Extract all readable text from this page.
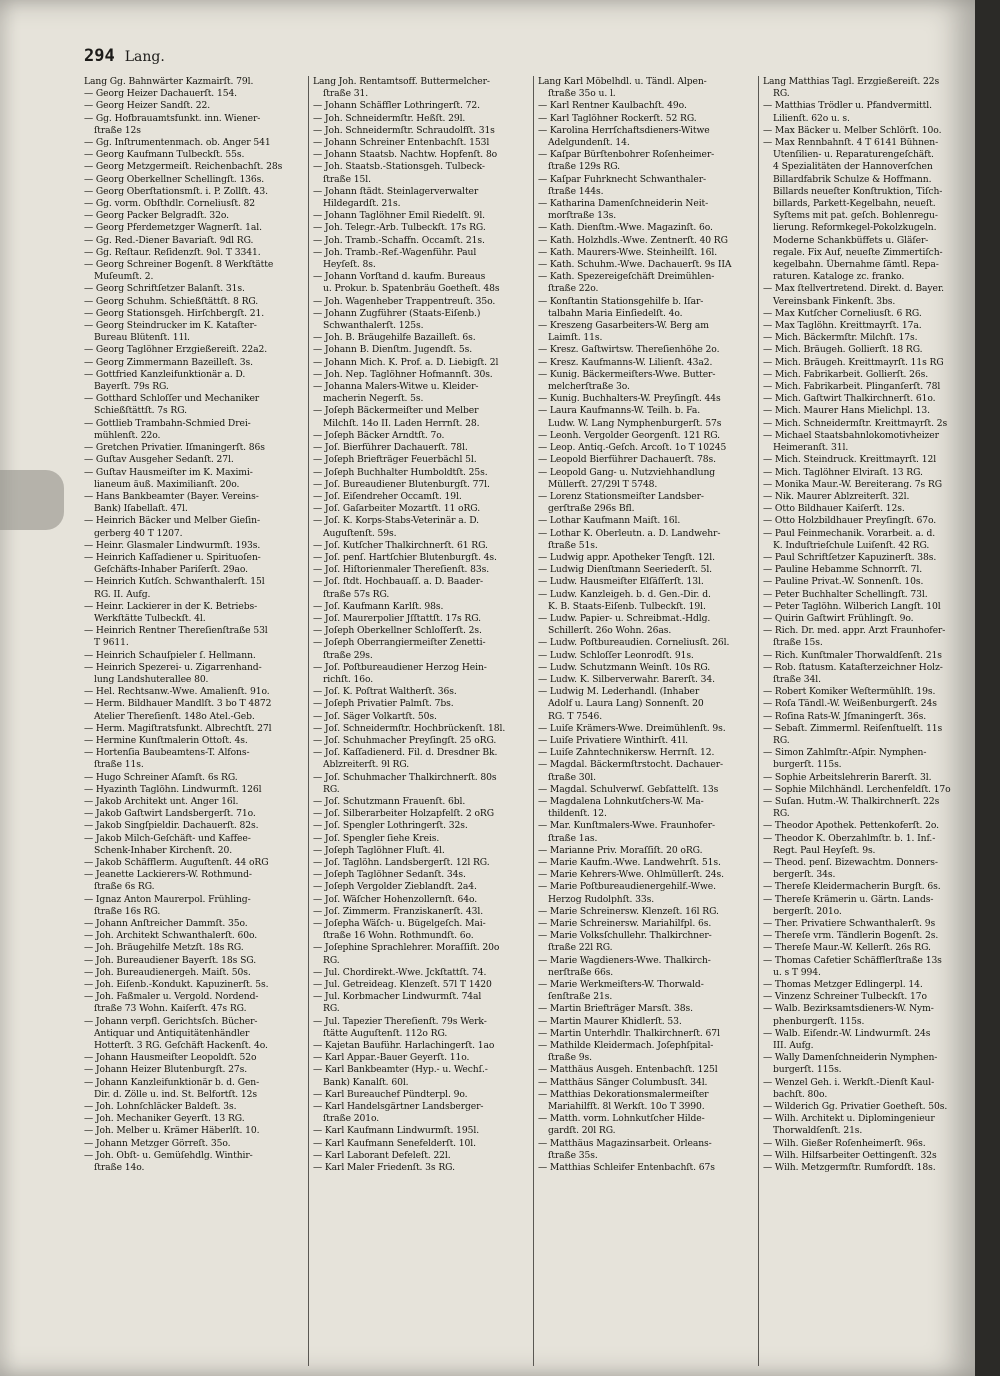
294 Lang.

Lang Gg. Bahnwärter Kazmairſt. 79l.

— Georg Heizer Dachauerſt. 154.

— Georg Heizer Sandſt. 22.

— Gg. Hofbrauamtsfunkt. inn. Wiener-

ſtraße 12s

— Gg. Inſtrumentenmach. ob. Anger 541

— Georg Kaufmann Tulbeckſt. 55s.

— Georg Metzgermeiſt. Reichenbachſt. 28s

— Georg Oberkellner Schellingſt. 136s.

— Georg Oberſtationsmſt. i. P. Zollſt. 43.

— Gg. vorm. Obſthdlr. Corneliusſt. 82

— Georg Packer Belgradſt. 32o.

— Georg Pferdemetzger Wagnerſt. 1al.

— Gg. Red.-Diener Bavariaſt. 9dl RG.

— Gg. Reſtaur. Reſidenzſt. 9ol. T 3341.

— Georg Schreiner Bogenſt. 8 Werkſtätte

Muſeumſt. 2.

— Georg Schriftſetzer Balanſt. 31s.

— Georg Schuhm. Schießſtättſt. 8 RG.

— Georg Stationsgeh. Hirſchbergſt. 21.

— Georg Steindrucker im K. Kataſter-

Bureau Blütenſt. 11l.

— Georg Taglöhner Erzgießereiſt. 22a2.

— Georg Zimmermann Bazeilleſt. 3s.

— Gottfried Kanzleifunktionär a. D.

Bayerſt. 79s RG.

— Gotthard Schloſſer und Mechaniker

Schießſtättſt. 7s RG.

— Gottlieb Trambahn-Schmied Drei-

mühlenſt. 22o.

— Gretchen Privatier. Iſmaningerſt. 86s

— Guſtav Ausgeher Sedanſt. 27l.

— Guſtav Hausmeiſter im K. Maximi-

lianeum äuß. Maximilianſt. 20o.

— Hans Bankbeamter (Bayer. Vereins-

Bank) Iſabellaſt. 47l.

— Heinrich Bäcker und Melber Gieſin-

gerberg 40 T 1207.

— Heinr. Glasmaler Lindwurmſt. 193s.

— Heinrich Kaſſadiener u. Spirituoſen-

Geſchäfts-Inhaber Pariſerſt. 29ao.

— Heinrich Kutſch. Schwanthalerſt. 15l

RG. II. Aufg.

— Heinr. Lackierer in der K. Betriebs-

Werkſtätte Tulbeckſt. 4l.

— Heinrich Rentner Thereſienſtraße 53l

T 9611.

— Heinrich Schauſpieler ſ. Hellmann.

— Heinrich Spezerei- u. Zigarrenhand-

lung Landshuterallee 80.

— Hel. Rechtsanw.-Wwe. Amalienſt. 91o.

— Herm. Bildhauer Mandlſt. 3 bo T 4872

Atelier Thereſienſt. 148o Atel.-Geb.

— Herm. Magiſtratsfunkt. Albrechtſt. 27l

— Hermine Kunſtmalerin Ottoſt. 4s.

— Hortenſia Baubeamtens-T. Alfons-

ſtraße 11s.

— Hugo Schreiner Aſamſt. 6s RG.

— Hyazinth Taglöhn. Lindwurmſt. 126l

— Jakob Architekt unt. Anger 16l.

— Jakob Gaſtwirt Landsbergerſt. 71o.

— Jakob Singſpieldir. Dachauerſt. 82s.

— Jakob Milch-Geſchäft- und Kaffee-

Schenk-Inhaber Kirchenſt. 20.

— Jakob Schäfflerm. Auguſtenſt. 44 oRG

— Jeanette Lackierers-W. Rothmund-

ſtraße 6s RG.

— Ignaz Anton Maurerpol. Frühling-

ſtraße 16s RG.

— Johann Anſtreicher Dammſt. 35o.

— Joh. Architekt Schwanthalerſt. 60o.

— Joh. Bräugehilfe Metzſt. 18s RG.

— Joh. Bureaudiener Bayerſt. 18s SG.

— Joh. Bureaudienergeh. Maiſt. 50s.

— Joh. Eiſenb.-Kondukt. Kapuzinerſt. 5s.

— Joh. Faßmaler u. Vergold. Nordend-

ſtraße 73 Wohn. Kaiſerſt. 47s RG.

— Johann verpfl. Gerichtsſch. Bücher-

Antiquar und Antiquitätenhändler

Hotterſt. 3 RG. Geſchäft Hackenſt. 4o.

— Johann Hausmeiſter Leopoldſt. 52o

— Johann Heizer Blutenburgſt. 27s.

— Johann Kanzleifunktionär b. d. Gen-

Dir. d. Zölle u. ind. St. Belfortſt. 12s

— Joh. Lohnſchläcker Baldeſt. 3s.

— Joh. Mechaniker Geyerſt. 13 RG.

— Joh. Melber u. Krämer Häberlſt. 10.

— Johann Metzger Görreſt. 35o.

— Joh. Obſt- u. Gemüſehdlg. Winthir-

ſtraße 14o.

Lang Joh. Rentamtsoff. Buttermelcher-

ſtraße 31.

— Johann Schäffler Lothringerſt. 72.

— Joh. Schneidermſtr. Heßſt. 29l.

— Joh. Schneidermſtr. Schraudolfſt. 31s

— Johann Schreiner Entenbachſt. 153l

— Johann Staatsb. Nachtw. Hopfenſt. 8o

— Joh. Staatsb.-Stationsgeh. Tulbeck-

ſtraße 15l.

— Johann ſtädt. Steinlagerverwalter

Hildegardſt. 21s.

— Johann Taglöhner Emil Riedelſt. 9l.

— Joh. Telegr.-Arb. Tulbeckſt. 17s RG.

— Joh. Tramb.-Schaffn. Occamſt. 21s.

— Joh. Tramb.-Ref.-Wagenführ. Paul

Heyſeſt. 8s.

— Johann Vorſtand d. kaufm. Bureaus

u. Prokur. b. Spatenbräu Goetheſt. 48s

— Joh. Wagenheber Trappentreuſt. 35o.

— Johann Zugführer (Staats-Eiſenb.)

Schwanthalerſt. 125s.

— Joh. B. Bräugehilfe Bazailleſt. 6s.

— Johann B. Dienſtm. Jugendſt. 5s.

— Johann Mich. K. Prof. a. D. Liebigſt. 2l

— Joh. Nep. Taglöhner Hofmannſt. 30s.

— Johanna Malers-Witwe u. Kleider-

macherin Negerſt. 5s.

— Joſeph Bäckermeiſter und Melber

Milchſt. 14o II. Laden Herrnſt. 28.

— Joſeph Bäcker Arndtſt. 7o.

— Joſ. Bierführer Dachauerſt. 78l.

— Joſeph Briefträger Feuerbächl 5l.

— Joſeph Buchhalter Humboldtſt. 25s.

— Joſ. Bureaudiener Blutenburgſt. 77l.

— Joſ. Eiſendreher Occamſt. 19l.

— Joſ. Gaſarbeiter Mozartſt. 11 oRG.

— Joſ. K. Korps-Stabs-Veterinär a. D.

Auguſtenſt. 59s.

— Joſ. Kutſcher Thalkirchnerſt. 61 RG.

— Joſ. penſ. Hartſchier Blutenburgſt. 4s.

— Joſ. Hiſtorienmaler Thereſienſt. 83s.

— Joſ. ſtdt. Hochbauaſſ. a. D. Baader-

ſtraße 57s RG.

— Joſ. Kaufmann Karlſt. 98s.

— Joſ. Maurerpolier Jſſtattſt. 17s RG.

— Joſeph Oberkellner Schloſſerſt. 2s.

— Joſeph Oberrangiermeiſter Zenetti-

ſtraße 29s.

— Joſ. Poſtbureaudiener Herzog Hein-

richſt. 16o.

— Joſ. K. Poſtrat Waltherſt. 36s.

— Joſeph Privatier Palmſt. 7bs.

— Joſ. Säger Volkartſt. 50s.

— Joſ. Schneidermſtr. Hochbrückenſt. 18l.

— Joſ. Schuhmacher Preyſingſt. 25 oRG.

— Joſ. Kaſſadienerd. Fil. d. Dresdner Bk.

Ablzreiterſt. 9l RG.

— Joſ. Schuhmacher Thalkirchnerſt. 80s

RG.

— Joſ. Schutzmann Frauenſt. 6bl.

— Joſ. Silberarbeiter Holzapfelſt. 2 oRG

— Joſ. Spengler Lothringerſt. 32s.

— Joſ. Spengler ſiehe Kreis.

— Joſeph Taglöhner Fluſt. 4l.

— Joſ. Taglöhn. Landsbergerſt. 12l RG.

— Joſeph Taglöhner Sedanſt. 34s.

— Joſeph Vergolder Zieblandſt. 2a4.

— Joſ. Wäſcher Hohenzollernſt. 64o.

— Joſ. Zimmerm. Franziskanerſt. 43l.

— Joſepha Wäſch- u. Bügelgeſch. Mai-

ſtraße 16 Wohn. Rothmundſt. 6o.

— Joſephine Sprachlehrer. Moraſſiſt. 20o

RG.

— Jul. Chordirekt.-Wwe. Jckſtattſt. 74.

— Jul. Getreideag. Klenzeſt. 57l T 1420

— Jul. Korbmacher Lindwurmſt. 74al

RG.

— Jul. Tapezier Thereſienſt. 79s Werk-

ſtätte Auguſtenſt. 112o RG.

— Kajetan Bauführ. Harlachingerſt. 1ao

— Karl Appar.-Bauer Geyerſt. 11o.

— Karl Bankbeamter (Hyp.- u. Wechſ.-

Bank) Kanalſt. 60l.

— Karl Bureauchef Pündterpl. 9o.

— Karl Handelsgärtner Landsberger-

ſtraße 201o.

— Karl Kaufmann Lindwurmſt. 195l.

— Karl Kaufmann Senefelderſt. 10l.

— Karl Laborant Defeleſt. 22l.

— Karl Maler Friedenſt. 3s RG.

Lang Karl Möbelhdl. u. Tändl. Alpen-

ſtraße 35o u. l.

— Karl Rentner Kaulbachſt. 49o.

— Karl Taglöhner Rockerſt. 52 RG.

— Karolina Herrſchaftsdieners-Witwe

Adelgundenſt. 14.

— Kaſpar Bürſtenbohrer Roſenheimer-

ſtraße 129s RG.

— Kaſpar Fuhrknecht Schwanthaler-

ſtraße 144s.

— Katharina Damenſchneiderin Neit-

morſtraße 13s.

— Kath. Dienſtm.-Wwe. Magazinſt. 6o.

— Kath. Holzhdls.-Wwe. Zentnerſt. 40 RG

— Kath. Maurers-Wwe. Steinheilſt. 16l.

— Kath. Schuhm.-Wwe. Dachauerſt. 9s IIA

— Kath. Spezereigeſchäft Dreimühlen-

ſtraße 22o.

— Konſtantin Stationsgehilfe b. Iſar-

talbahn Maria Einſiedelſt. 4o.

— Kreszeng Gasarbeiters-W. Berg am

Laimſt. 11s.

— Kresz. Gaſtwirtsw. Thereſienhöhe 2o.

— Kresz. Kaufmanns-W. Lilienſt. 43a2.

— Kunig. Bäckermeiſters-Wwe. Butter-

melcherſtraße 3o.

— Kunig. Buchhalters-W. Preyſingſt. 44s

— Laura Kaufmanns-W. Teilh. b. Fa.

Ludw. W. Lang Nymphenburgerſt. 57s

— Leonh. Vergolder Georgenſt. 121 RG.

— Leop. Antiq.-Geſch. Arcoſt. 1o T 10245

— Leopold Bierführer Dachauerſt. 78s.

— Leopold Gang- u. Nutzviehhandlung

Müllerſt. 27/29l T 5748.

— Lorenz Stationsmeiſter Landsber-

gerſtraße 296s Bfl.

— Lothar Kaufmann Maiſt. 16l.

— Lothar K. Oberleutn. a. D. Landwehr-

ſtraße 51s.

— Ludwig appr. Apotheker Tengſt. 12l.

— Ludwig Dienſtmann Seeriederſt. 5l.

— Ludw. Hausmeiſter Elſäſſerſt. 13l.

— Ludw. Kanzleigeh. b. d. Gen.-Dir. d.

K. B. Staats-Eiſenb. Tulbeckſt. 19l.

— Ludw. Papier- u. Schreibmat.-Hdlg.

Schillerſt. 26o Wohn. 26as.

— Ludw. Poſtbureaudien. Corneliusſt. 26l.

— Ludw. Schloſſer Leonrodſt. 91s.

— Ludw. Schutzmann Weinſt. 10s RG.

— Ludw. K. Silberverwahr. Barerſt. 34.

— Ludwig M. Lederhandl. (Inhaber

Adolf u. Laura Lang) Sonnenſt. 20

RG. T 7546.

— Luiſe Krämers-Wwe. Dreimühlenſt. 9s.

— Luiſe Privatiere Winthirſt. 41l.

— Luiſe Zahntechnikersw. Herrnſt. 12.

— Magdal. Bäckermſtrstocht. Dachauer-

ſtraße 30l.

— Magdal. Schulverwſ. Gebſattelſt. 13s

— Magdalena Lohnkutſchers-W. Ma-

thildenſt. 12.

— Mar. Kunſtmalers-Wwe. Fraunhofer-

ſtraße 1as.

— Marianne Priv. Moraſſiſt. 20 oRG.

— Marie Kaufm.-Wwe. Landwehrſt. 51s.

— Marie Kehrers-Wwe. Ohlmüllerſt. 24s.

— Marie Poſtbureaudienergehilf.-Wwe.

Herzog Rudolphſt. 33s.

— Marie Schreinersw. Klenzeſt. 16l RG.

— Marie Schreinersw. Mariahilfpl. 6s.

— Marie Volksſchullehr. Thalkirchner-

ſtraße 22l RG.

— Marie Wagdieners-Wwe. Thalkirch-

nerſtraße 66s.

— Marie Werkmeiſters-W. Thorwald-

ſenſtraße 21s.

— Martin Briefträger Marsſt. 38s.

— Martin Maurer Khidlerſt. 53.

— Martin Unterhdlr. Thalkirchnerſt. 67l

— Mathilde Kleidermach. Joſephſpital-

ſtraße 9s.

— Matthäus Ausgeh. Entenbachſt. 125l

— Matthäus Sänger Columbusſt. 34l.

— Matthias Dekorationsmalermeiſter

Mariahilfſt. 8l Werkſt. 10o T 3990.

— Matth. vorm. Lohnkutſcher Hilde-

gardſt. 20l RG.

— Matthäus Magazinsarbeit. Orleans-

ſtraße 35s.

— Matthias Schleifer Entenbachſt. 67s

Lang Matthias Tagl. Erzgießereiſt. 22s

RG.

— Matthias Trödler u. Pfandvermittl.

Lilienſt. 62o u. s.

— Max Bäcker u. Melber Schlörſt. 10o.

— Max Rennbahnſt. 4 T 6141 Bühnen-

Utenſilien- u. Reparaturengeſchäft.

4 Spezialitäten der Hannoverſchen

Billardfabrik Schulze & Hoffmann.

Billards neueſter Konſtruktion, Tiſch-

billards, Parkett-Kegelbahn, neueſt.

Syſtems mit pat. geſch. Bohlenregu-

lierung. Reformkegel-Pokolzkugeln.

Moderne Schankbüffets u. Gläſer-

regale. Fix Auf, neueſte Zimmertiſch-

kegelbahn. Übernahme ſämtl. Repa-

raturen. Kataloge zc. franko.

— Max ſtellvertretend. Direkt. d. Bayer.

Vereinsbank Finkenſt. 3bs.

— Max Kutſcher Corneliusſt. 6 RG.

— Max Taglöhn. Kreittmayrſt. 17a.

— Mich. Bäckermſtr. Milchſt. 17s.

— Mich. Bräugeh. Gollierſt. 18 RG.

— Mich. Bräugeh. Kreittmayrſt. 11s RG

— Mich. Fabrikarbeit. Gollierſt. 26s.

— Mich. Fabrikarbeit. Plinganſerſt. 78l

— Mich. Gaſtwirt Thalkirchnerſt. 61o.

— Mich. Maurer Hans Mielichpl. 13.

— Mich. Schneidermſtr. Kreittmayrſt. 2s

— Michael Staatsbahnlokomotivheizer

Heimeranſt. 31l.

— Mich. Steindruck. Kreittmayrſt. 12l

— Mich. Taglöhner Elviraſt. 13 RG.

— Monika Maur.-W. Bereiterang. 7s RG

— Nik. Maurer Ablzreiterſt. 32l.

— Otto Bildhauer Kaiſerſt. 12s.

— Otto Holzbildhauer Preyſingſt. 67o.

— Paul Feinmechanik. Vorarbeit. a. d.

K. Induſtrieſchule Luiſenſt. 42 RG.

— Paul Schriftſetzer Kapuzinerſt. 38s.

— Pauline Hebamme Schnorrſt. 7l.

— Pauline Privat.-W. Sonnenſt. 10s.

— Peter Buchhalter Schellingſt. 73l.

— Peter Taglöhn. Wilberich Langſt. 10l

— Quirin Gaſtwirt Frühlingſt. 9o.

— Rich. Dr. med. appr. Arzt Fraunhofer-

ſtraße 15s.

— Rich. Kunſtmaler Thorwaldſenſt. 21s

— Rob. ſtatusm. Kataſterzeichner Holz-

ſtraße 34l.

— Robert Komiker Weſtermühlſt. 19s.

— Roſa Tändl.-W. Weißenburgerſt. 24s

— Roſina Rats-W. Jſmaningerſt. 36s.

— Sebaſt. Zimmerml. Reiſenſtuelſt. 11s

RG.

— Simon Zahlmſtr.-Aſpir. Nymphen-

burgerſt. 115s.

— Sophie Arbeitslehrerin Barerſt. 3l.

— Sophie Milchhändl. Lerchenfeldſt. 17o

— Suſan. Hutm.-W. Thalkirchnerſt. 22s

RG.

— Theodor Apothek. Pettenkoferſt. 2o.

— Theodor K. Oberzahlmſtr. b. 1. Inf.-

Regt. Paul Heyſeſt. 9s.

— Theod. penſ. Bizewachtm. Donners-

bergerſt. 34s.

— Thereſe Kleidermacherin Burgſt. 6s.

— Thereſe Krämerin u. Gärtn. Lands-

bergerſt. 201o.

— Ther. Privatiere Schwanthalerſt. 9s

— Thereſe vrm. Tändlerin Bogenſt. 2s.

— Thereſe Maur.-W. Kellerſt. 26s RG.

— Thomas Cafetier Schäfflerſtraße 13s

u. s T 994.

— Thomas Metzger Edlingerpl. 14.

— Vinzenz Schreiner Tulbeckſt. 17o

— Walb. Bezirksamtsdieners-W. Nym-

phenburgerſt. 115s.

— Walb. Eiſendr.-W. Lindwurmſt. 24s

III. Aufg.

— Wally Damenſchneiderin Nymphen-

burgerſt. 115s.

— Wenzel Geh. i. Werkſt.-Dienſt Kaul-

bachſt. 80o.

— Wilderich Gg. Privatier Goetheſt. 50s.

— Wilh. Architekt u. Diplomingenieur

Thorwaldſenſt. 21s.

— Wilh. Gießer Roſenheimerſt. 96s.

— Wilh. Hilfsarbeiter Oettingenſt. 32s

— Wilh. Metzgermſtr. Rumfordſt. 18s.
